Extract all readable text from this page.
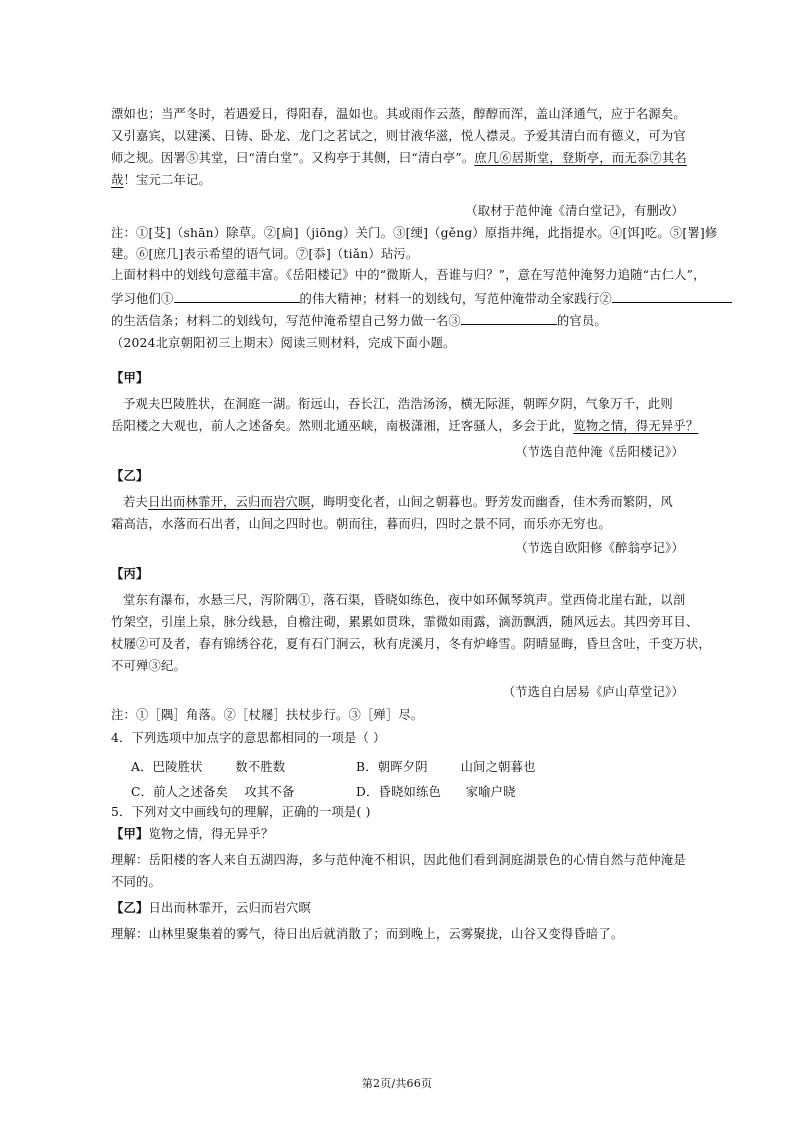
漂如也；当严冬时，若遇爱日，得阳春，温如也。其或雨作云蒸，醇醇而浑，盖山泽通气，应于名源矣。
又引嘉宾，以建溪、日铸、卧龙、龙门之茗试之，则甘液华滋，悦人襟灵。予爱其清白而有德义，可为官
师之规。因署⑤其堂，曰“清白堂”。又构亭于其侧，曰“清白亭”。庶几⑥居斯堂，登斯亭，而无忝⑦其名
哉！宝元二年记。
（取材于范仲淹《清白堂记》，有删改）
注：①[芟]（shān）除草。②[扃]（jiōng）关门。③[绠]（gěng）原指井绳，此指提水。④[饵]吃。⑤[署]修
建。⑥[庶几]表示希望的语气词。⑦[忝]（tiǎn）玷污。
上面材料中的划线句意蕴丰富。《岳阳楼记》中的“微斯人，吾谁与归？”，意在写范仲淹努力追随“古仁人”，
学习他们①	的伟大精神；材料一的划线句，写范仲淹带动全家践行②
的生活信条；材料二的划线句，写范仲淹希望自己努力做一名③	的官员。
（2024北京朝阳初三上期末）阅读三则材料，完成下面小题。
【甲】
予观夫巴陵胜状，在洞庭一湖。衔远山，吞长江，浩浩汤汤，横无际涯，朝晖夕阴，气象万千，此则
岳阳楼之大观也，前人之述备矣。然则北通巫峡，南极潇湘，迁客骚人，多会于此，览物之情，得无异乎？
（节选自范仲淹《岳阳楼记》）
【乙】
若夫日出而林霏开，云归而岩穴暝，晦明变化者，山间之朝暮也。野芳发而幽香，佳木秀而繁阴，风
霜高洁，水落而石出者，山间之四时也。朝而往，暮而归，四时之景不同，而乐亦无穷也。
（节选自欧阳修《醉翁亭记》）
【丙】
堂东有瀑布，水悬三尺，泻阶隅①，落石渠，昏晓如练色，夜中如环佩琴筑声。堂西倚北崖右趾，以剖
竹架空，引崖上泉，脉分线悬，自檐注砌，累累如贯珠，霏微如雨露，滴沥飘洒，随风远去。其四旁耳目、
杖屦②可及者，春有锦绣谷花，夏有石门涧云，秋有虎溪月，冬有炉峰雪。阴晴显晦，昏旦含吐，千变万状，
不可殚③纪。
（节选自白居易《庐山草堂记》）
注：①［隅］角落。②［杖屦］扶杖步行。③［殚］尽。
4．下列选项中加点字的意思都相同的一项是（ ）
A．巴陵胜状        数不胜数	B．朝晖夕阴        山间之朝暮也
C．前人之述备矣    攻其不备	D．昏晓如练色      家喻户晓
5．下列对文中画线句的理解，正确的一项是( )
【甲】览物之情，得无异乎？
理解：岳阳楼的客人来自五湖四海，多与范仲淹不相识，因此他们看到洞庭湖景色的心情自然与范仲淹是
不同的。
【乙】日出而林霏开，云归而岩穴暝
理解：山林里聚集着的雾气，待日出后就消散了；而到晚上，云雾聚拢，山谷又变得昏暗了。
第2页/共66页
